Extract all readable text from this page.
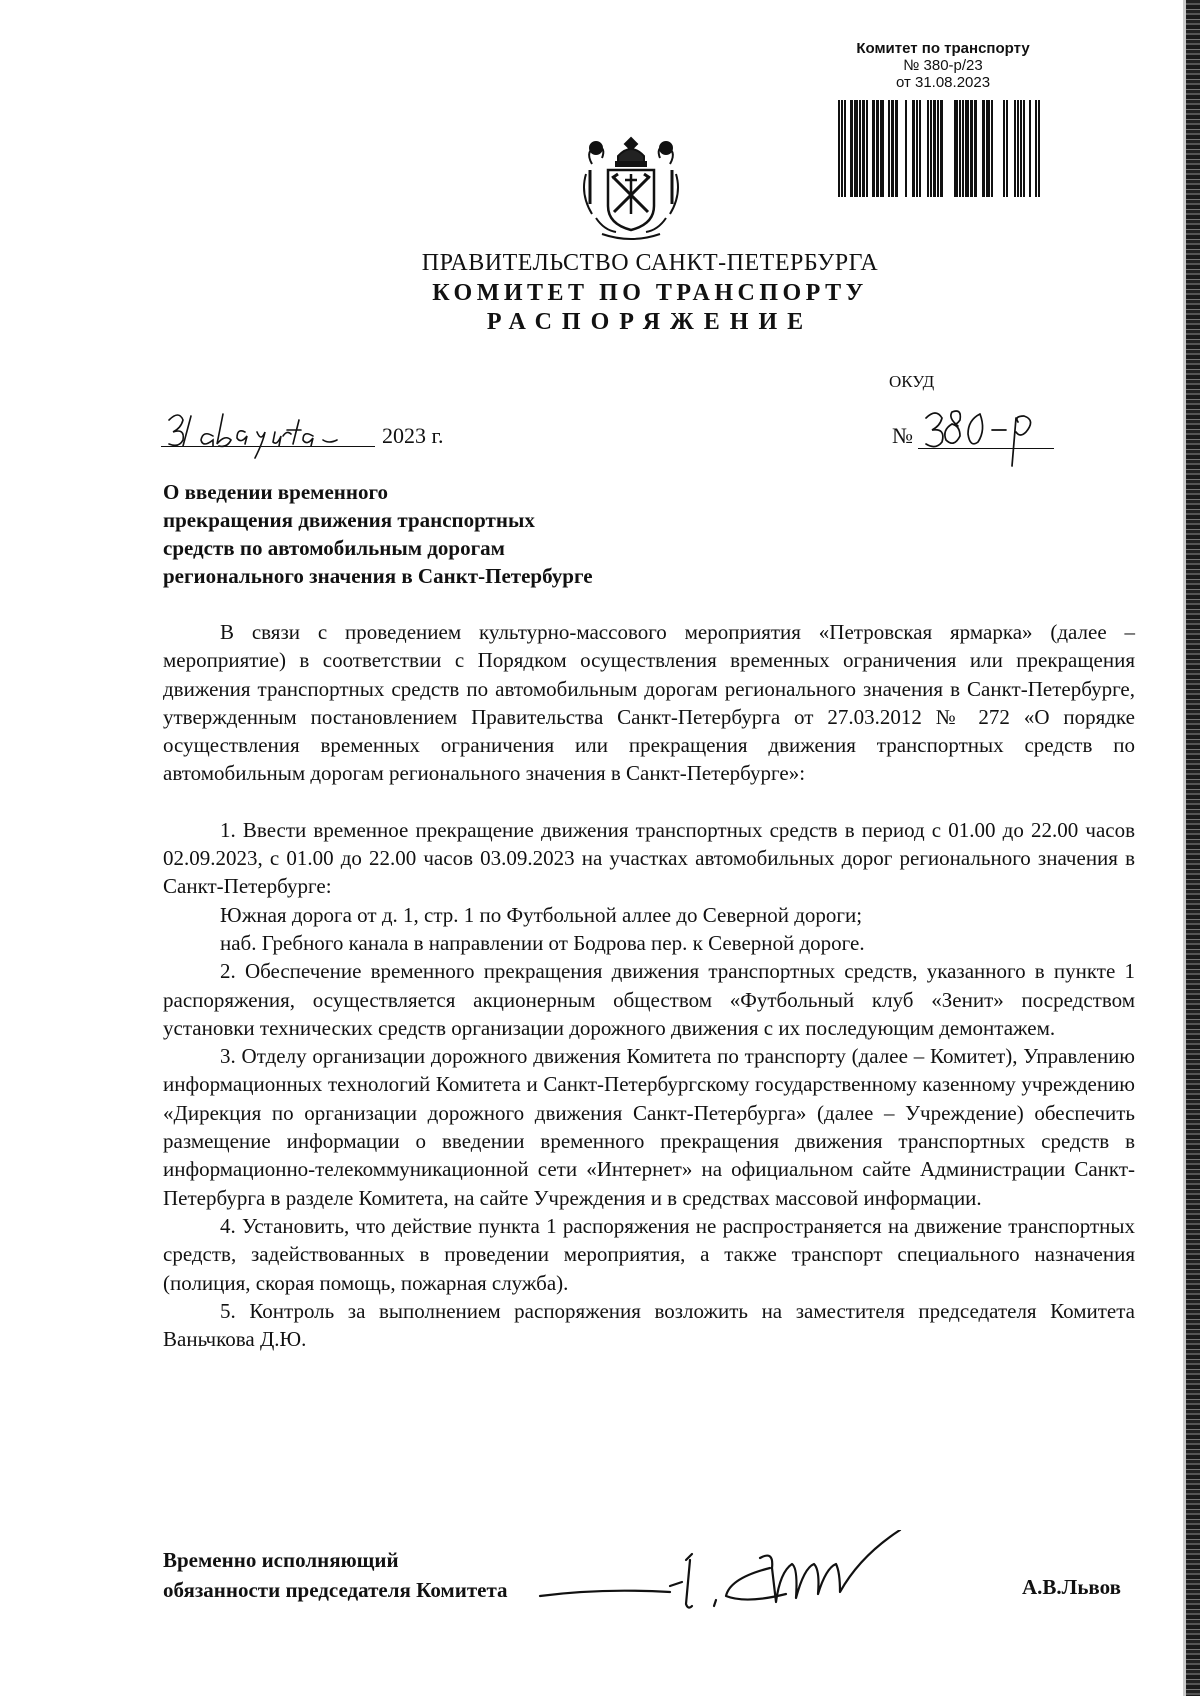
Комитет по транспорту
№ 380-р/23
от 31.08.2023
ПРАВИТЕЛЬСТВО САНКТ-ПЕТЕРБУРГА
КОМИТЕТ ПО ТРАНСПОРТУ
РАСПОРЯЖЕНИЕ
ОКУД
2023 г.	№
О введении временного
прекращения движения транспортных
средств по автомобильным дорогам
регионального значения в Санкт-Петербурге

В связи с проведением культурно-массового мероприятия «Петровская ярмарка» (далее – мероприятие) в соответствии с Порядком осуществления временных ограничения или прекращения движения транспортных средств по автомобильным дорогам регионального значения в Санкт-Петербурге, утвержденным постановлением Правительства Санкт-Петербурга от 27.03.2012 № 272 «О порядке осуществления временных ограничения или прекращения движения транспортных средств по автомобильным дорогам регионального значения в Санкт-Петербурге»:

1. Ввести временное прекращение движения транспортных средств в период с 01.00 до 22.00 часов 02.09.2023, с 01.00 до 22.00 часов 03.09.2023 на участках автомобильных дорог регионального значения в Санкт-Петербурге:

Южная дорога от д. 1, стр. 1 по Футбольной аллее до Северной дороги;

наб. Гребного канала в направлении от Бодрова пер. к Северной дороге.

2. Обеспечение временного прекращения движения транспортных средств, указанного в пункте 1 распоряжения, осуществляется акционерным обществом «Футбольный клуб «Зенит» посредством установки технических средств организации дорожного движения с их последующим демонтажем.

3. Отделу организации дорожного движения Комитета по транспорту (далее – Комитет), Управлению информационных технологий Комитета и Санкт-Петербургскому государственному казенному учреждению «Дирекция по организации дорожного движения Санкт-Петербурга» (далее – Учреждение) обеспечить размещение информации о введении временного прекращения движения транспортных средств в информационно-телекоммуникационной сети «Интернет» на официальном сайте Администрации Санкт-Петербурга в разделе Комитета, на сайте Учреждения и в средствах массовой информации.

4. Установить, что действие пункта 1 распоряжения не распространяется на движение транспортных средств, задействованных в проведении мероприятия, а также транспорт специального назначения (полиция, скорая помощь, пожарная служба).

5. Контроль за выполнением распоряжения возложить на заместителя председателя Комитета Ваньчкова Д.Ю.

Временно исполняющий
обязанности председателя Комитета	А.В.Львов
